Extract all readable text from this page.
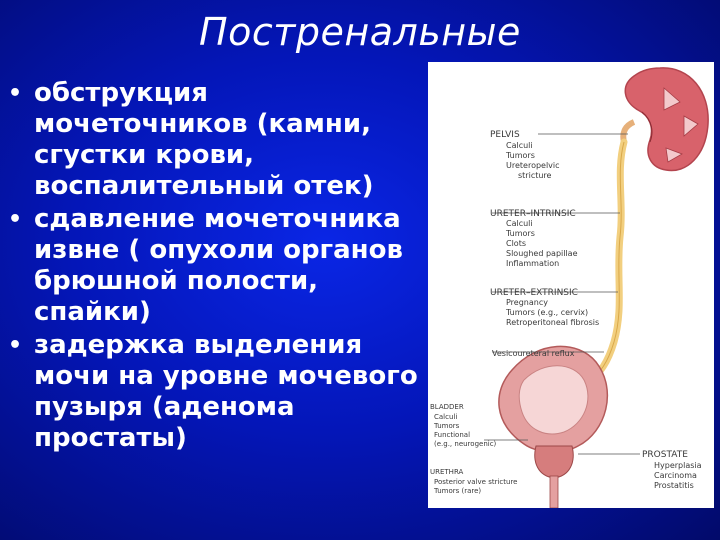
Постренальные
• обструкция мочеточников (камни, сгустки крови, воспалительный отек)
• сдавление мочеточника извне ( опухоли органов брюшной полости, спайки)
• задержка выделения мочи на уровне мочевого пузыря (аденома простаты)
PELVIS
Calculi
Tumors
Ureteropelvic
stricture
URETER–INTRINSIC
Calculi
Tumors
Clots
Sloughed papillae
Inflammation
URETER–EXTRINSIC
Pregnancy
Tumors (e.g., cervix)
Retroperitoneal fibrosis
Vesicoureteral reflux
BLADDER
Calculi
Tumors
Functional
(e.g., neurogenic)
URETHRA
Posterior valve stricture
Tumors (rare)
PROSTATE
Hyperplasia
Carcinoma
Prostatitis
